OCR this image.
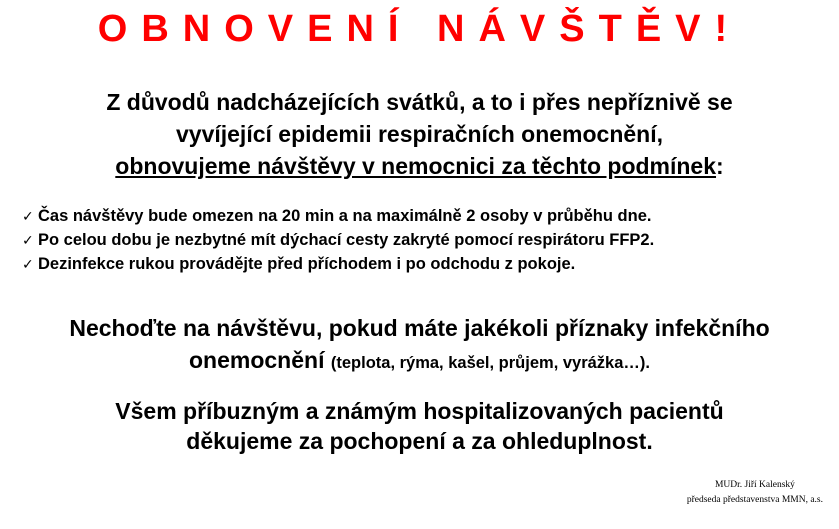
OBNOVENÍ NÁVŠTĚV!
Z důvodů nadcházejících svátků, a to i přes nepříznivě se
vyvíjející epidemii respiračních onemocnění,
obnovujeme návštěvy v nemocnici za těchto podmínek:
✓ Čas návštěvy bude omezen na 20 min a na maximálně 2 osoby v průběhu dne.
✓ Po celou dobu je nezbytné mít dýchací cesty zakryté pomocí respirátoru FFP2.
✓ Dezinfekce rukou provádějte před příchodem i po odchodu z pokoje.
Nechoďte na návštěvu, pokud máte jakékoli příznaky infekčního
onemocnění (teplota, rýma, kašel, průjem, vyrážka…).
Všem příbuzným a známým hospitalizovaných pacientů
děkujeme za pochopení a za ohleduplnost.
MUDr. Jiří Kalenský
předseda představenstva MMN, a.s.
